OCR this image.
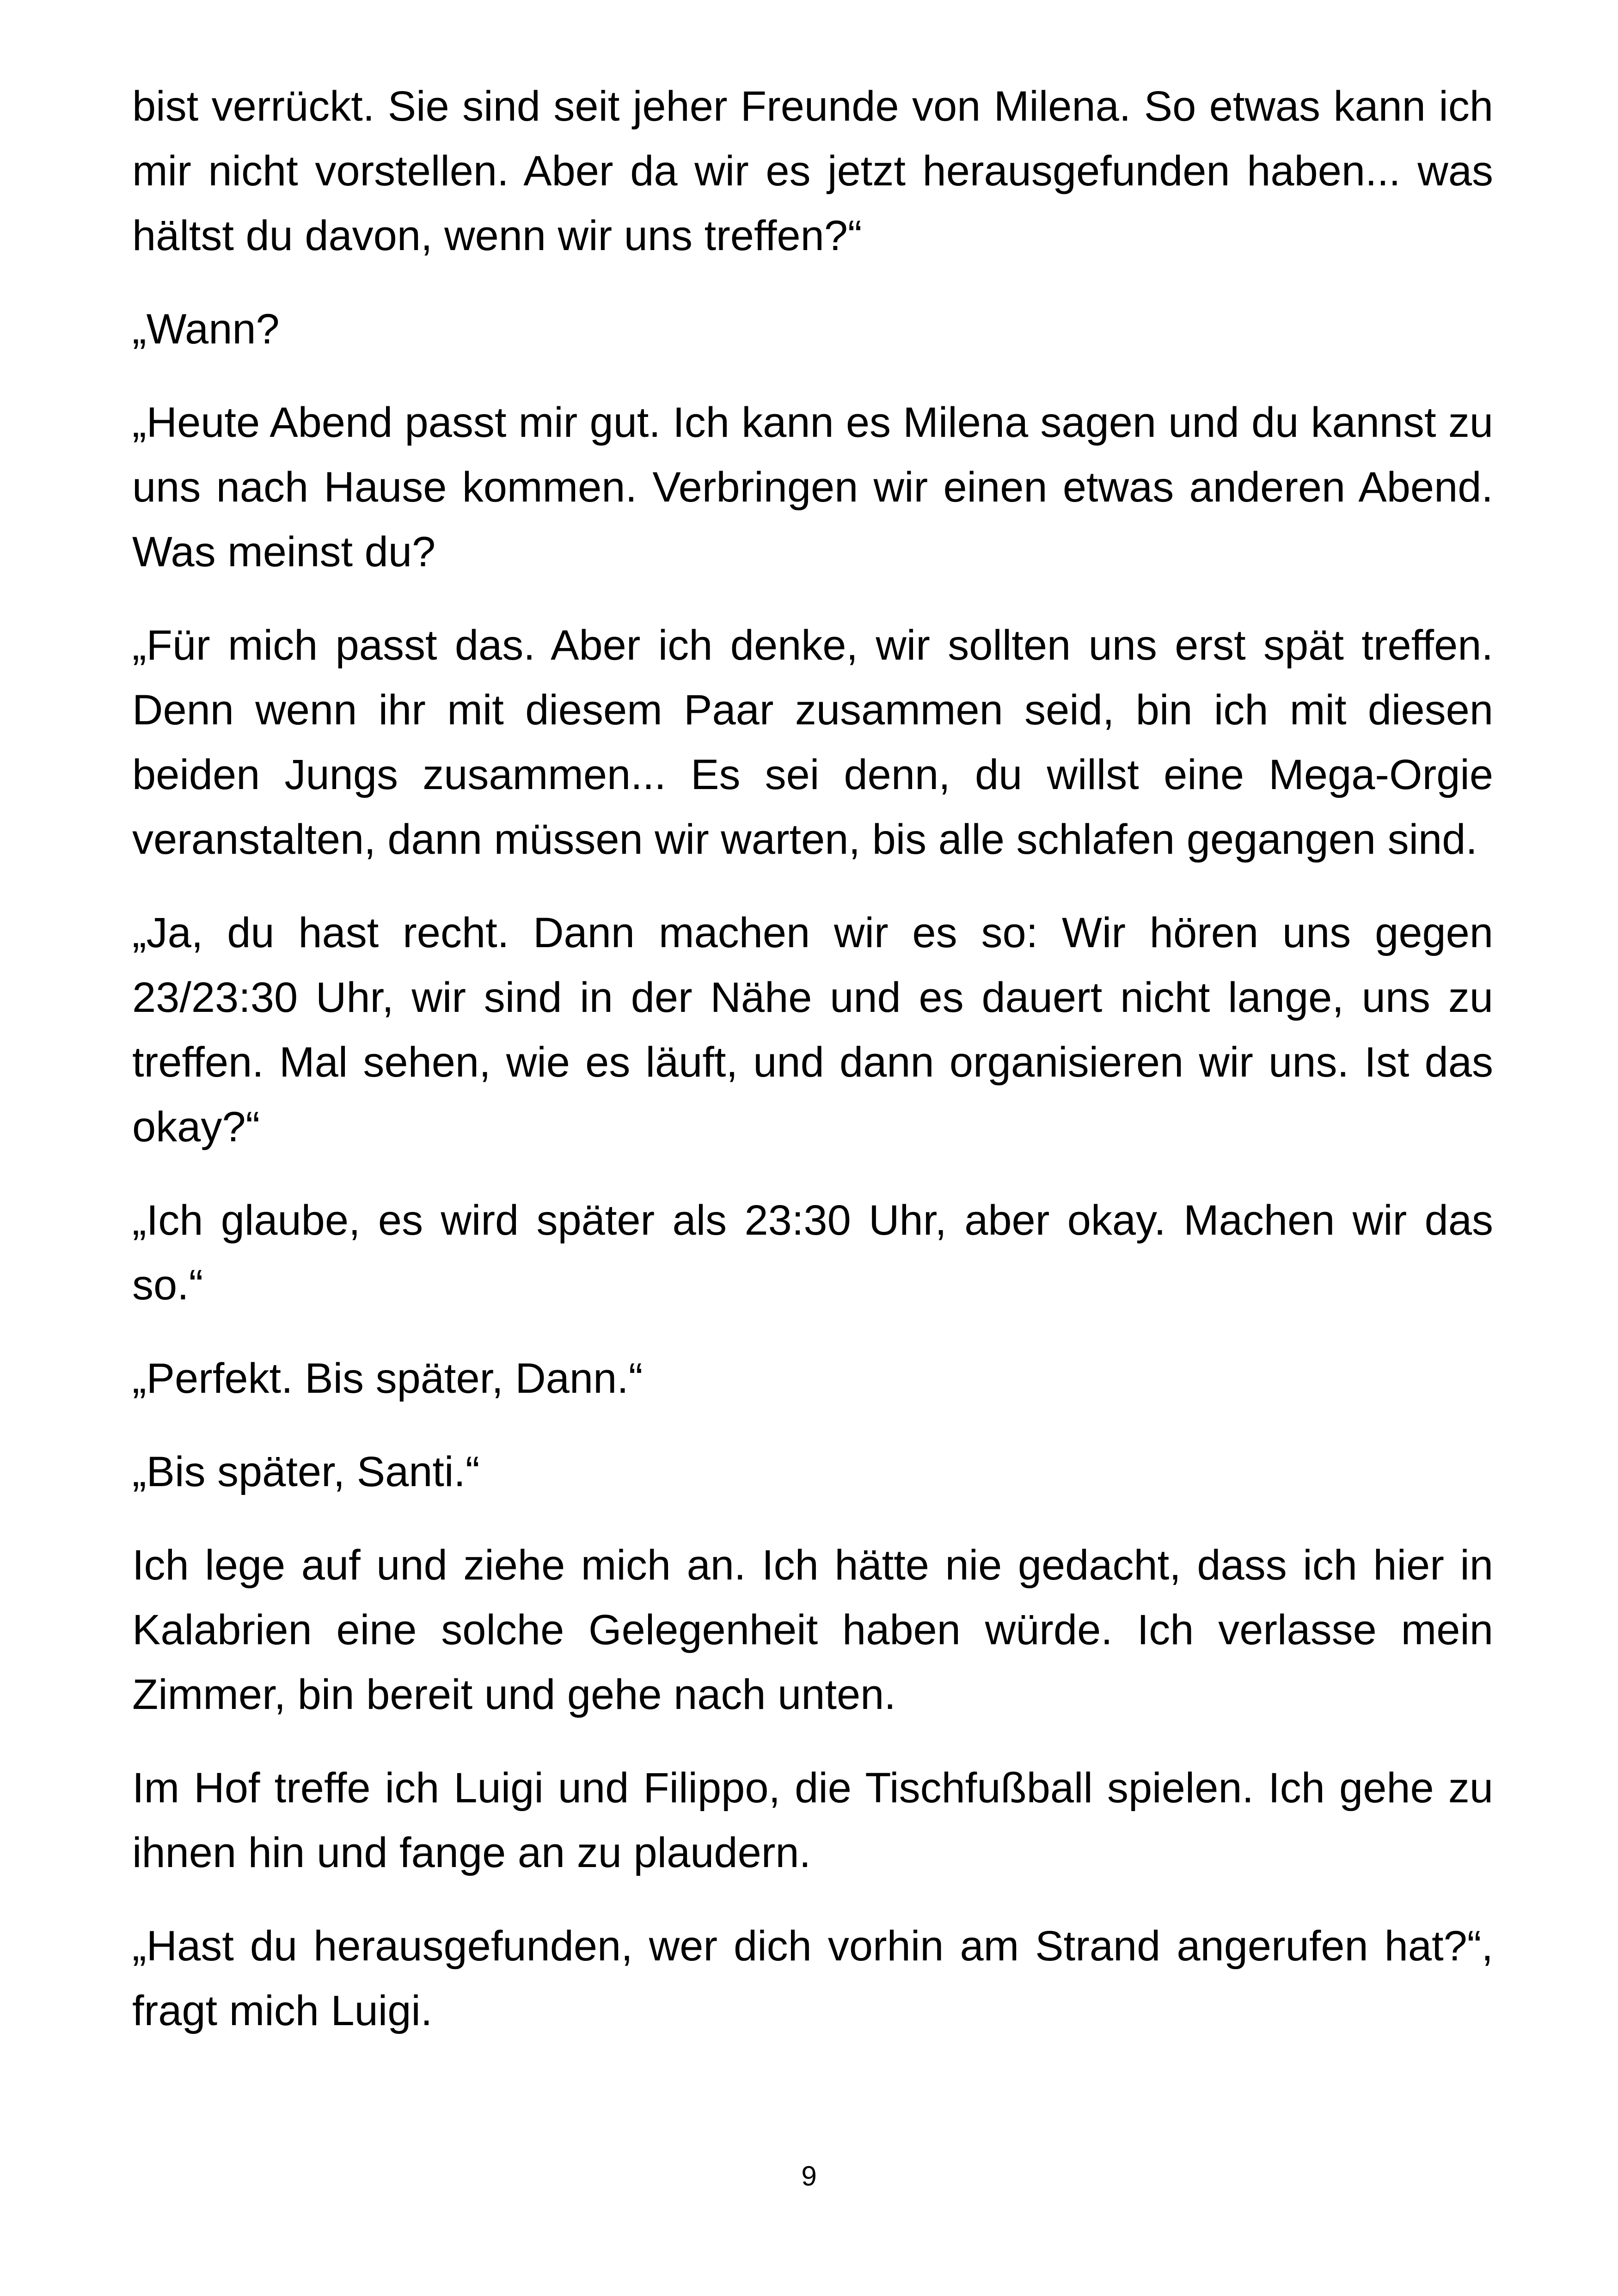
bist verrückt. Sie sind seit jeher Freunde von Milena. So etwas kann ich mir nicht vorstellen. Aber da wir es jetzt herausgefunden haben... was hältst du davon, wenn wir uns treffen?“

„Wann?

„Heute Abend passt mir gut. Ich kann es Milena sagen und du kannst zu uns nach Hause kommen. Verbringen wir einen etwas anderen Abend. Was meinst du?

„Für mich passt das. Aber ich denke, wir sollten uns erst spät treffen. Denn wenn ihr mit diesem Paar zusammen seid, bin ich mit diesen beiden Jungs zusammen... Es sei denn, du willst eine Mega-Orgie veranstalten, dann müssen wir warten, bis alle schlafen gegangen sind.

„Ja, du hast recht. Dann machen wir es so: Wir hören uns gegen 23/23:30 Uhr, wir sind in der Nähe und es dauert nicht lange, uns zu treffen. Mal sehen, wie es läuft, und dann organisieren wir uns. Ist das okay?“

„Ich glaube, es wird später als 23:30 Uhr, aber okay. Machen wir das so.“

„Perfekt. Bis später, Dann.“

„Bis später, Santi.“

Ich lege auf und ziehe mich an. Ich hätte nie gedacht, dass ich hier in Kalabrien eine solche Gelegenheit haben würde. Ich verlasse mein Zimmer, bin bereit und gehe nach unten.

Im Hof treffe ich Luigi und Filippo, die Tischfußball spielen. Ich gehe zu ihnen hin und fange an zu plaudern.

„Hast du herausgefunden, wer dich vorhin am Strand angerufen hat?“, fragt mich Luigi.

9
